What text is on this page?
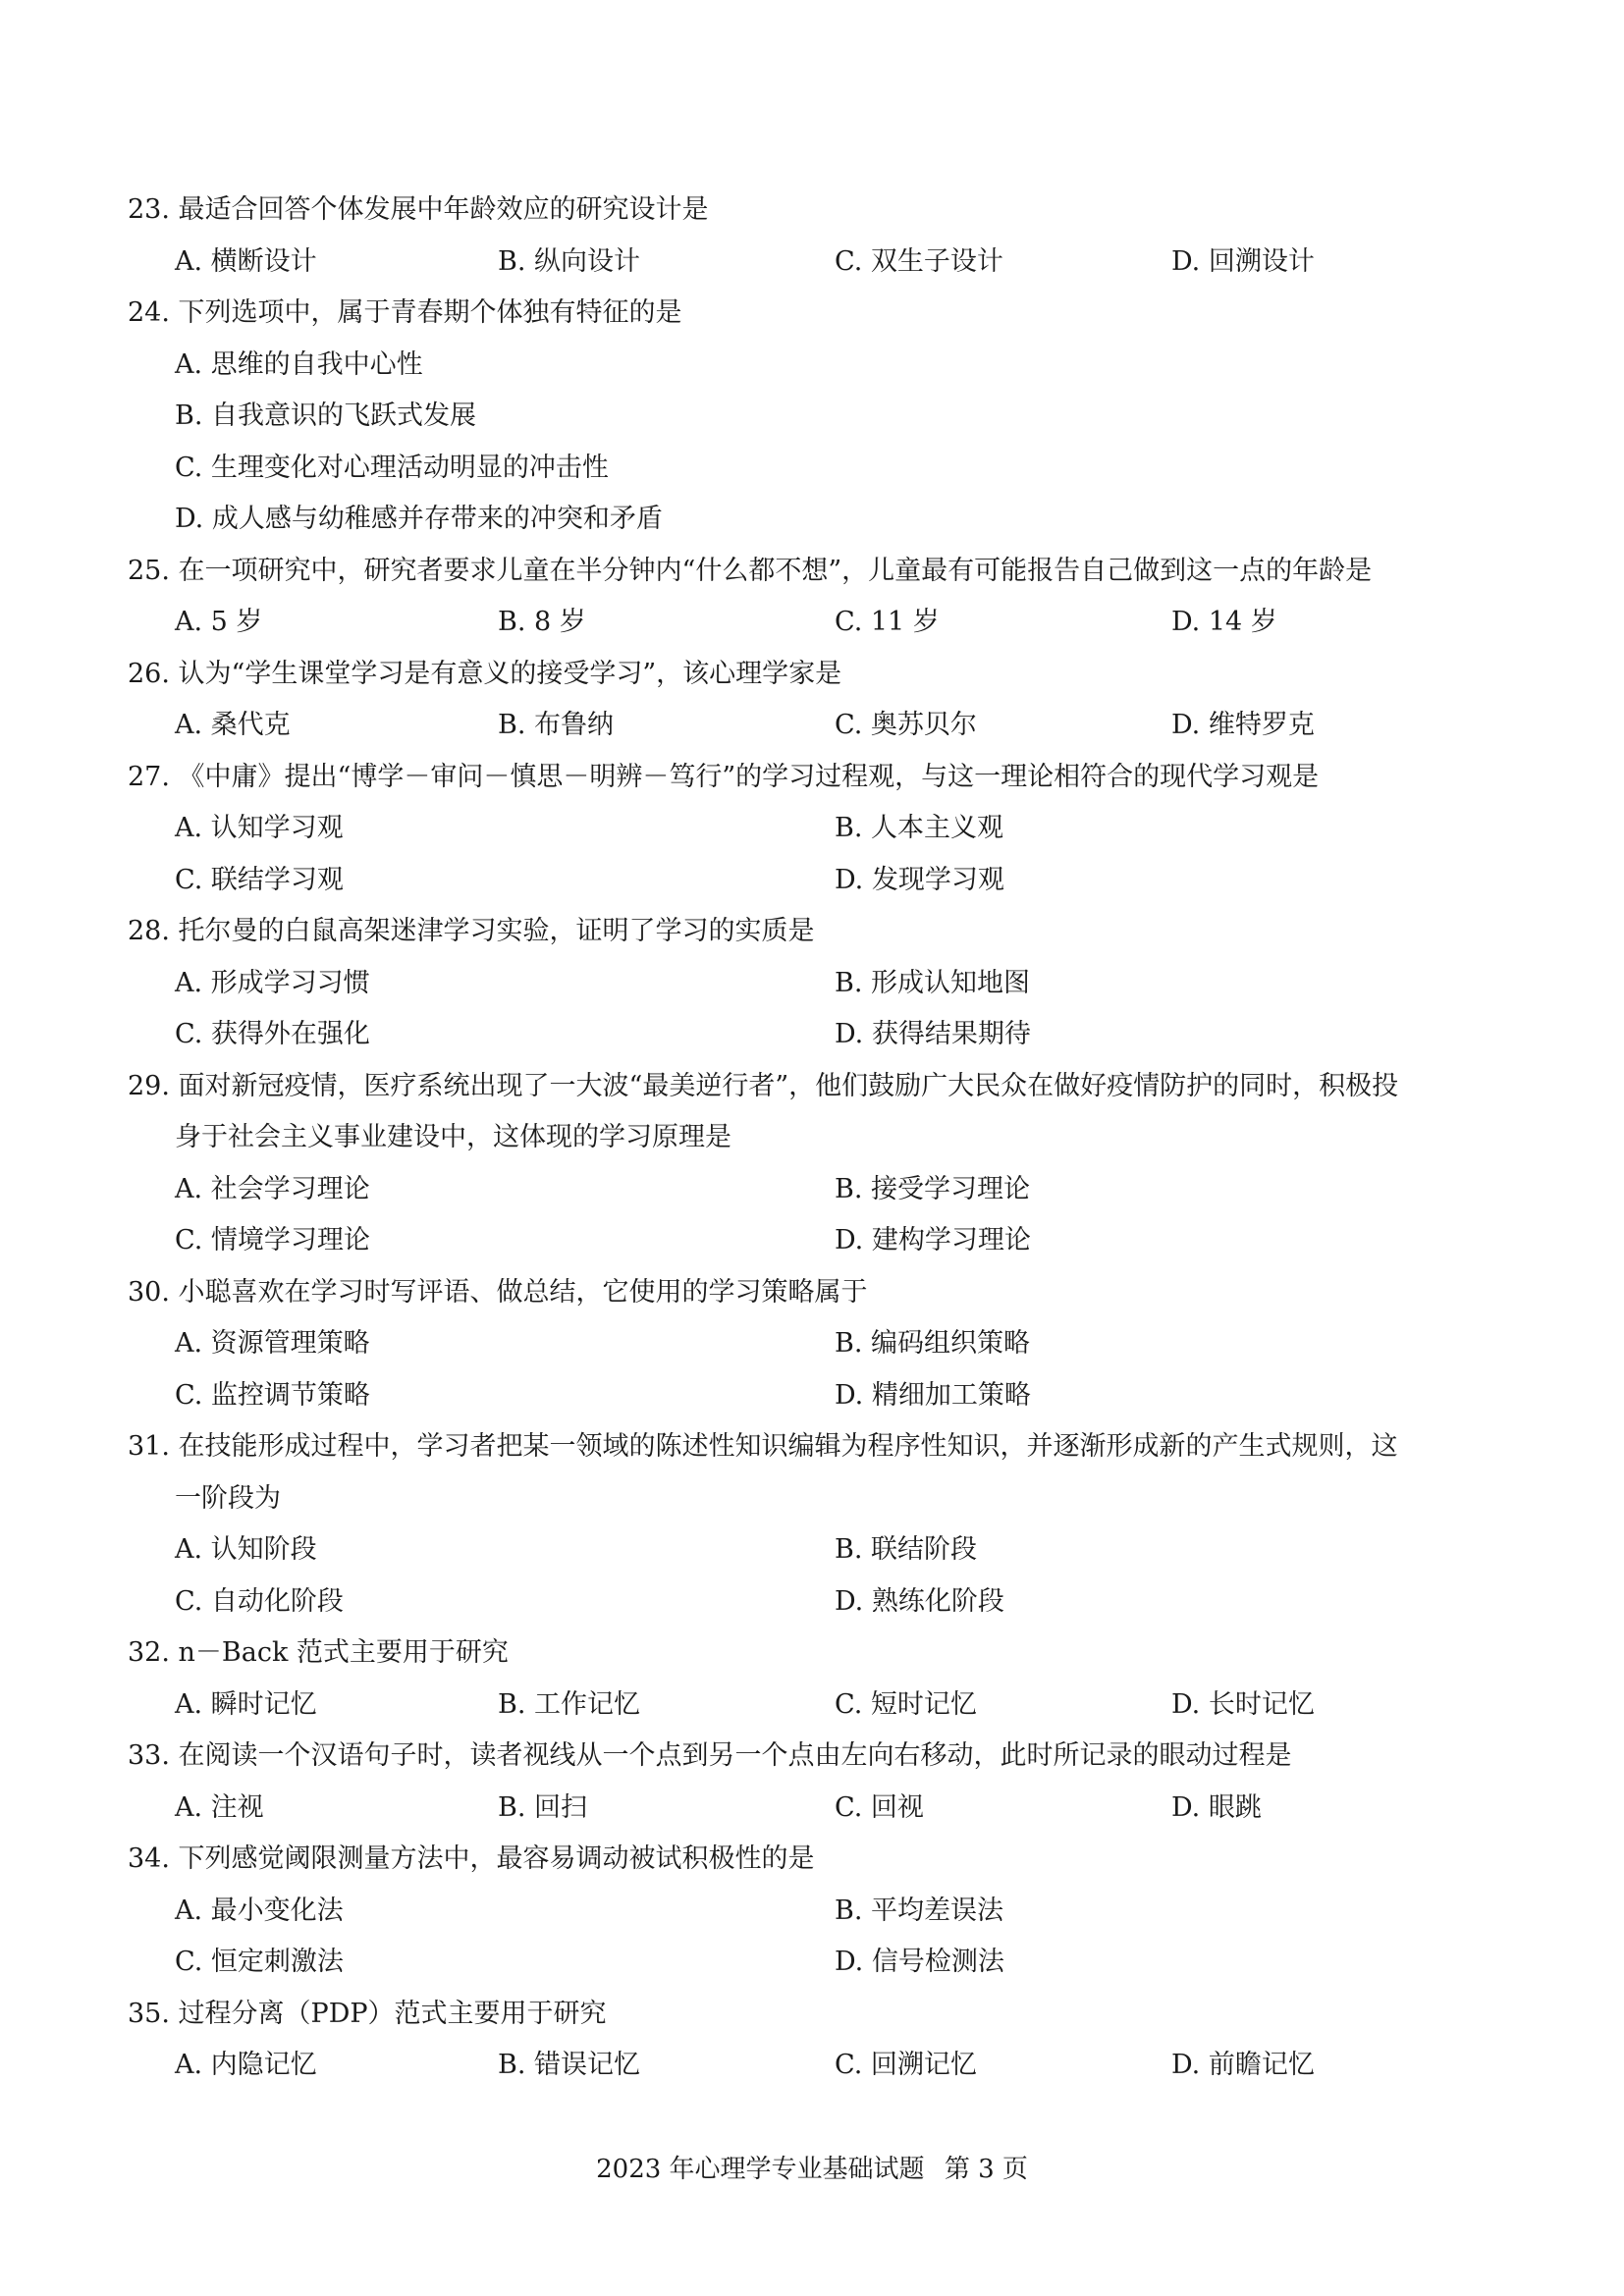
23. 最适合回答个体发展中年龄效应的研究设计是
A. 横断设计	B. 纵向设计	C. 双生子设计	D. 回溯设计
24. 下列选项中，属于青春期个体独有特征的是
A. 思维的自我中心性
B. 自我意识的飞跃式发展
C. 生理变化对心理活动明显的冲击性
D. 成人感与幼稚感并存带来的冲突和矛盾
25. 在一项研究中，研究者要求儿童在半分钟内“什么都不想”，儿童最有可能报告自己做到这一点的年龄是
A. 5 岁	B. 8 岁	C. 11 岁	D. 14 岁
26. 认为“学生课堂学习是有意义的接受学习”，该心理学家是
A. 桑代克	B. 布鲁纳	C. 奥苏贝尔	D. 维特罗克
27. 《中庸》提出“博学－审问－慎思－明辨－笃行”的学习过程观，与这一理论相符合的现代学习观是
A. 认知学习观	B. 人本主义观
C. 联结学习观	D. 发现学习观
28. 托尔曼的白鼠高架迷津学习实验，证明了学习的实质是
A. 形成学习习惯	B. 形成认知地图
C. 获得外在强化	D. 获得结果期待
29. 面对新冠疫情，医疗系统出现了一大波“最美逆行者”，他们鼓励广大民众在做好疫情防护的同时，积极投
身于社会主义事业建设中，这体现的学习原理是
A. 社会学习理论	B. 接受学习理论
C. 情境学习理论	D. 建构学习理论
30. 小聪喜欢在学习时写评语、做总结，它使用的学习策略属于
A. 资源管理策略	B. 编码组织策略
C. 监控调节策略	D. 精细加工策略
31. 在技能形成过程中，学习者把某一领域的陈述性知识编辑为程序性知识，并逐渐形成新的产生式规则，这
一阶段为
A. 认知阶段	B. 联结阶段
C. 自动化阶段	D. 熟练化阶段
32. n－Back 范式主要用于研究
A. 瞬时记忆	B. 工作记忆	C. 短时记忆	D. 长时记忆
33. 在阅读一个汉语句子时，读者视线从一个点到另一个点由左向右移动，此时所记录的眼动过程是
A. 注视	B. 回扫	C. 回视	D. 眼跳
34. 下列感觉阈限测量方法中，最容易调动被试积极性的是
A. 最小变化法	B. 平均差误法
C. 恒定刺激法	D. 信号检测法
35. 过程分离（PDP）范式主要用于研究
A. 内隐记忆	B. 错误记忆	C. 回溯记忆	D. 前瞻记忆
2023 年心理学专业基础试题 第 3 页
